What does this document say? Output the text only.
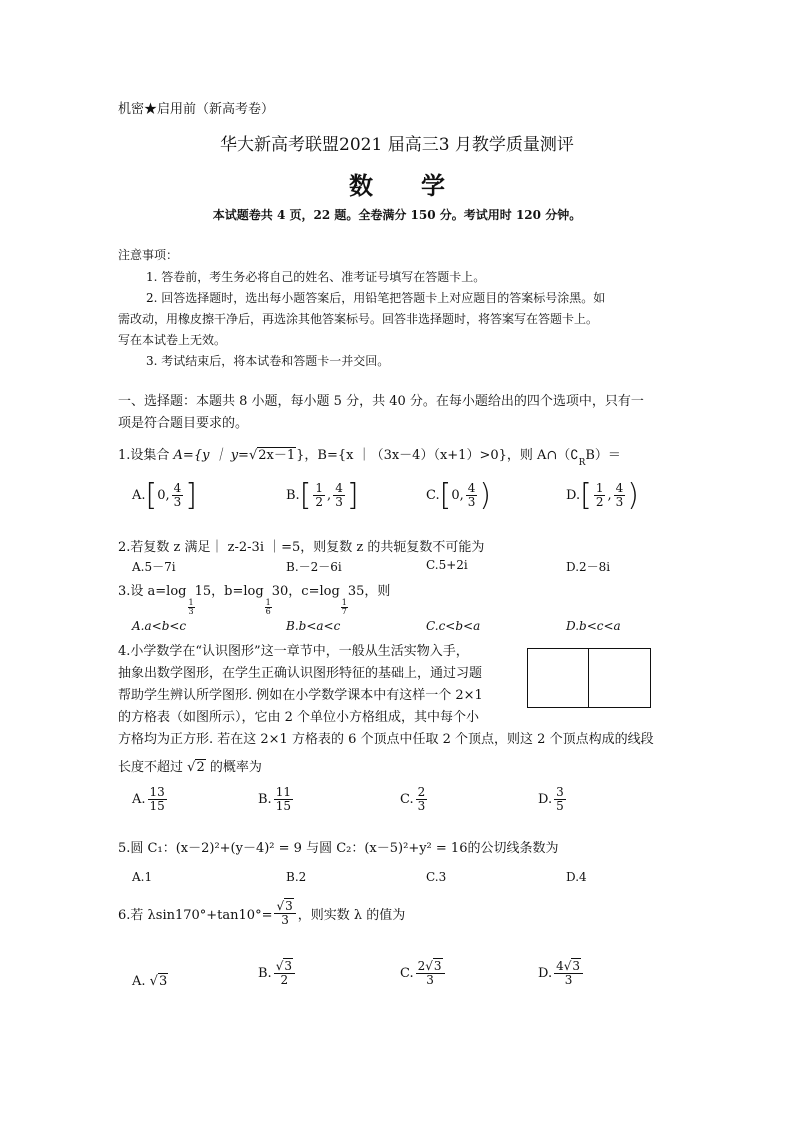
机密★启用前（新高考卷）
华大新高考联盟2021 届高三3 月教学质量测评
数　　学
本试题卷共 4 页，22 题。全卷满分 150 分。考试用时 120 分钟。
注意事项：
1. 答卷前，考生务必将自己的姓名、准考证号填写在答题卡上。
2. 回答选择题时，选出每小题答案后，用铅笔把答题卡上对应题目的答案标号涂黑。如
需改动，用橡皮擦干净后，再选涂其他答案标号。回答非选择题时，将答案写在答题卡上。
写在本试卷上无效。
3. 考试结束后，将本试卷和答题卡一并交回。
一、选择题：本题共 8 小题，每小题 5 分，共 40 分。在每小题给出的四个选项中，只有一
项是符合题目要求的。
1.设集合 A={y ｜ y=√2x－1}，B={x ｜（3x－4）（x+1）>0}，则 $A\cap(∁_RB)=$
A. [ 0, $\frac{4}{3}$ ]	B. [ $\frac{1}{2}$ , $\frac{4}{3}$ ]	C. [ 0, $\frac{4}{3}$ )	D. [ $\frac{1}{2}$ , $\frac{4}{3}$ )
2.若复数 z 满足｜ z-2-3i ｜=5，则复数 z 的共轭复数不可能为
A.5－7i	B.－2－6i	C.5+2i	D.2－8i
3.设 a=log
$\frac{1}{3}$
15，b=log
$\frac{1}{6}$
30，c=log
$\frac{1}{7}$
35，则
A.a<b<c	B.b<a<c	C.c<b<a	D.b<c<a
4.小学数学在“认识图形”这一章节中，一般从生活实物入手，
抽象出数学图形，在学生正确认识图形特征的基础上，通过习题
帮助学生辨认所学图形. 例如在小学数学课本中有这样一个 2×1
的方格表（如图所示），它由 2 个单位小方格组成，其中每个小
方格均为正方形. 若在这 2×1 方格表的 6 个顶点中任取 2 个顶点，则这 2 个顶点构成的线段
长度不超过 √2 的概率为
A. $\frac{13}{15}$	B. $\frac{11}{15}$	C. $\frac{2}{3}$	D. $\frac{3}{5}$
5.圆 C₁：(x－2)²+(y－4)² = 9 与圆 C₂：(x－5)²+y² = 16的公切线条数为
A.1	B.2	C.3	D.4
6.若 $\lambda\sin 170^\circ+\tan 10^\circ= \frac{√3}{3}$ ，则实数 λ 的值为
A. √ 3
B. $\frac{√3}{2}$	C. $\frac{2√3}{3}$	D. $\frac{4√3}{3}$
